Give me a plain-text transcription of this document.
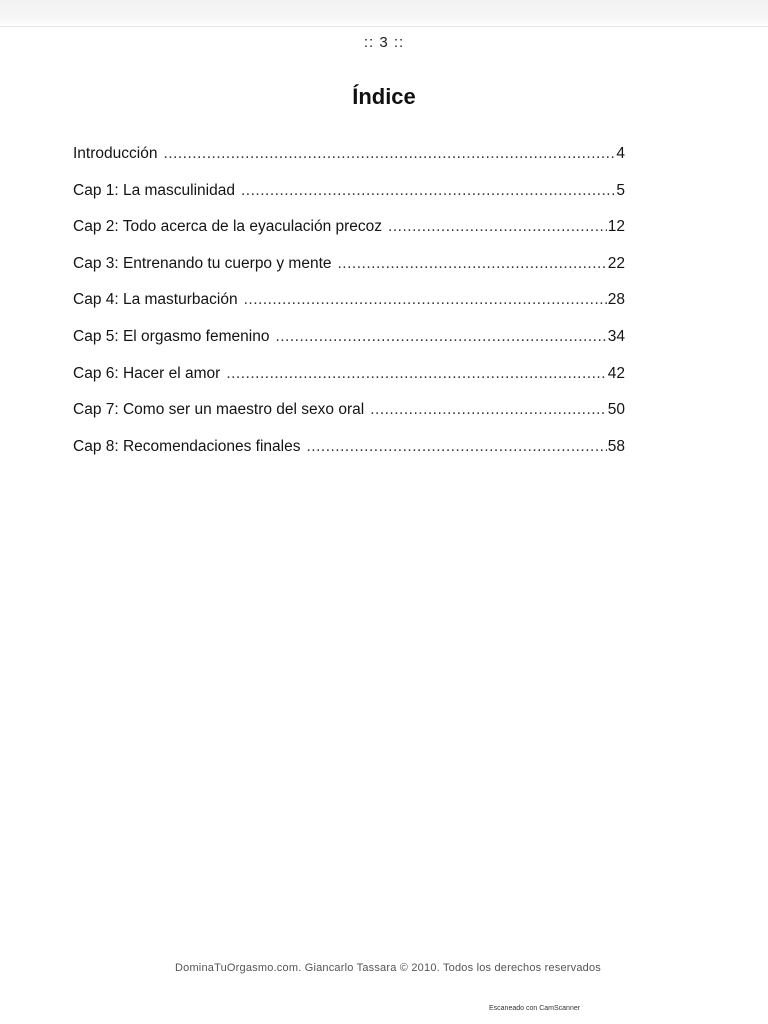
:: 3 ::
Índice
Introducción .....	4
Cap 1: La masculinidad .....	5
Cap 2: Todo acerca de la eyaculación precoz .....	12
Cap 3: Entrenando tu cuerpo y mente .....	22
Cap 4: La masturbación .....	28
Cap 5: El orgasmo femenino .....	34
Cap 6: Hacer el amor .....	42
Cap 7: Como ser un maestro del sexo oral .....	50
Cap 8: Recomendaciones finales .....	58
DominaTuOrgasmo.com. Giancarlo Tassara © 2010. Todos los derechos reservados
Escaneado con CamScanner
